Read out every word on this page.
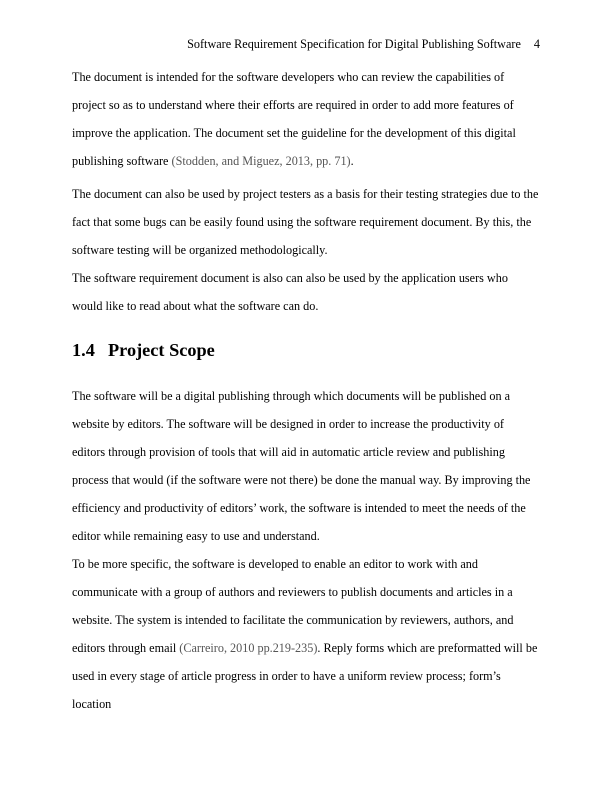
Software Requirement Specification for Digital Publishing Software 4

The document is intended for the software developers who can review the capabilities of project so as to understand where their efforts are required in order to add more features of improve the application. The document set the guideline for the development of this digital publishing software (Stodden, and Miguez, 2013, pp. 71).

The document can also be used by project testers as a basis for their testing strategies due to the fact that some bugs can be easily found using the software requirement document. By this, the software testing will be organized methodologically.

The software requirement document is also can also be used by the application users who would like to read about what the software can do.

1.4 Project Scope

The software will be a digital publishing through which documents will be published on a website by editors. The software will be designed in order to increase the productivity of editors through provision of tools that will aid in automatic article review and publishing process that would (if the software were not there) be done the manual way. By improving the efficiency and productivity of editors’ work, the software is intended to meet the needs of the editor while remaining easy to use and understand.

To be more specific, the software is developed to enable an editor to work with and communicate with a group of authors and reviewers to publish documents and articles in a website. The system is intended to facilitate the communication by reviewers, authors, and editors through email (Carreiro, 2010 pp.219-235). Reply forms which are preformatted will be used in every stage of article progress in order to have a uniform review process; form’s location
